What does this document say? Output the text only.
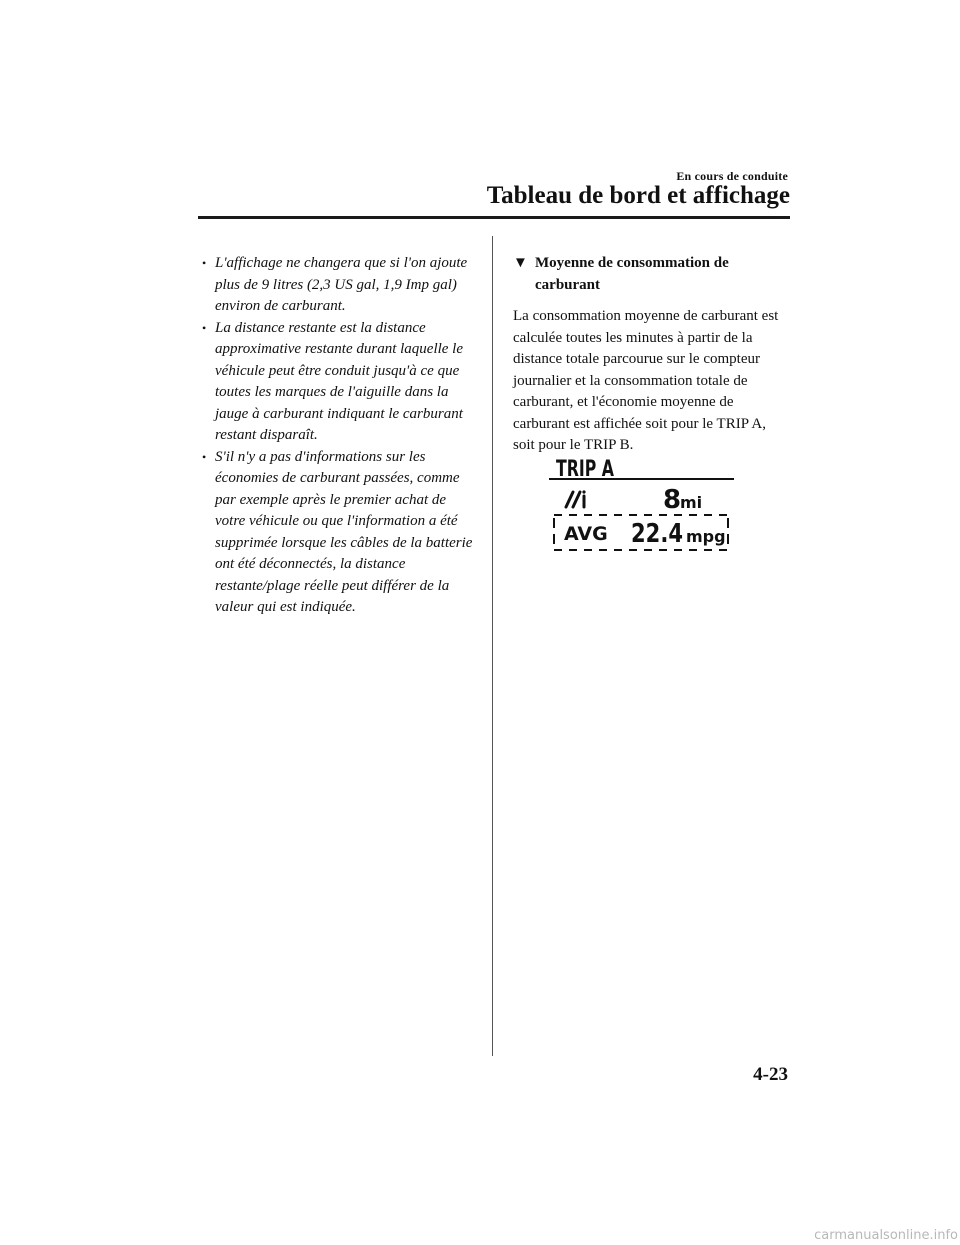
En cours de conduite
Tableau de bord et affichage
• L'affichage ne changera que si l'on ajoute plus de 9 litres (2,3 US gal, 1,9 Imp gal) environ de carburant.
• La distance restante est la distance approximative restante durant laquelle le véhicule peut être conduit jusqu'à ce que toutes les marques de l'aiguille dans la jauge à carburant indiquant le carburant restant disparaît.
• S'il n'y a pas d'informations sur les économies de carburant passées, comme par exemple après le premier achat de votre véhicule ou que l'information a été supprimée lorsque les câbles de la batterie ont été déconnectés, la distance restante/plage réelle peut différer de la valeur qui est indiquée.
▼ Moyenne de consommation de carburant
La consommation moyenne de carburant est calculée toutes les minutes à partir de la distance totale parcourue sur le compteur journalier et la consommation totale de carburant, et l'économie moyenne de carburant est affichée soit pour le TRIP A, soit pour le TRIP B.
TRIP A
8
mi
AVG 22.4 mpg
4-23
carmanualsonline.info
